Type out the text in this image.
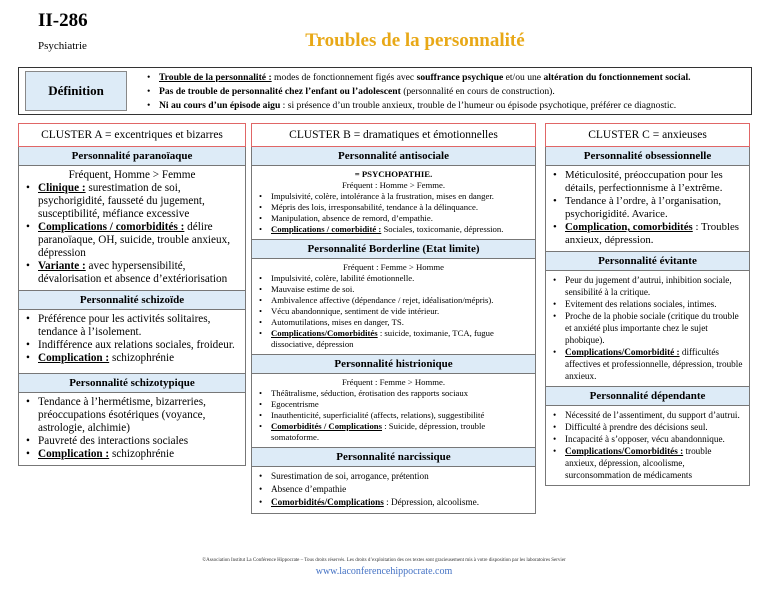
II-286
Psychiatrie	Troubles de la personnalité
Définition
• Trouble de la personnalité : modes de fonctionnement figés avec souffrance psychique et/ou une altération du fonctionnement social.
• Pas de trouble de personnalité chez l’enfant ou l’adolescent (personnalité en cours de construction).
• Ni au cours d’un épisode aigu : si présence d’un trouble anxieux, trouble de l’humeur ou épisode psychotique, préférer ce diagnostic.
CLUSTER A = excentriques et bizarres
Personnalité paranoïaque
Fréquent, Homme > Femme
• Clinique : surestimation de soi, psychorigidité, fausseté du jugement, susceptibilité, méfiance excessive
• Complications / comorbidités : délire paranoïaque, OH, suicide, trouble anxieux, dépression
• Variante : avec hypersensibilité, dévalorisation et absence d’extériorisation
Personnalité schizoïde
• Préférence pour les activités solitaires, tendance à l’isolement.
• Indifférence aux relations sociales, froideur.
• Complication : schizophrénie
Personnalité schizotypique
• Tendance à l’hermétisme, bizarreries, préoccupations ésotériques (voyance, astrologie, alchimie)
• Pauvreté des interactions sociales
• Complication : schizophrénie
CLUSTER B = dramatiques et émotionnelles
Personnalité antisociale
= PSYCHOPATHIE.
Fréquent : Homme > Femme.
• Impulsivité, colère, intolérance à la frustration, mises en danger.
• Mépris des lois, irresponsabilité, tendance à la délinquance.
• Manipulation, absence de remord, d’empathie.
• Complications / comorbidité : Sociales, toxicomanie, dépression.
Personnalité Borderline (Etat limite)
Fréquent : Femme > Homme
• Impulsivité, colère, labilité émotionnelle.
• Mauvaise estime de soi.
• Ambivalence affective (dépendance / rejet, idéalisation/mépris).
• Vécu abandonnique, sentiment de vide intérieur.
• Automutilations, mises en danger, TS.
• Complications/Comorbidités : suicide, toximanie, TCA, fugue dissociative, dépression
Personnalité histrionique
Fréquent : Femme > Homme.
• Théâtralisme, séduction, érotisation des rapports sociaux
• Egocentrisme
• Inauthenticité, superficialité (affects, relations), suggestibilité
• Comorbidités / Complications : Suicide, dépression, trouble somatoforme.
Personnalité narcissique
• Surestimation de soi, arrogance, prétention
• Absence d’empathie
• Comorbidités/Complications : Dépression, alcoolisme.
CLUSTER C = anxieuses
Personnalité obsessionnelle
• Méticulosité, préoccupation pour les détails, perfectionnisme à l’extrême.
• Tendance à l’ordre, à l’organisation, psychorigidité. Avarice.
• Complication, comorbidités : Troubles anxieux, dépression.
Personnalité évitante
• Peur du jugement d’autrui, inhibition sociale, sensibilité à la critique.
• Evitement des relations sociales, intimes.
• Proche de la phobie sociale (critique du trouble et anxiété plus importante chez le sujet phobique).
• Complications/Comorbidité : difficultés affectives et professionnelle, dépression, trouble anxieux.
Personnalité dépendante
• Nécessité de l’assentiment, du support d’autrui.
• Difficulté à prendre des décisions seul.
• Incapacité à s’opposer, vécu abandonnique.
• Complications/Comorbidités : trouble anxieux, dépression, alcoolisme, surconsommation de médicaments
©Association Institut La Conférence Hippocrate – Tous droits réservés. Les droits d’exploitation des ces textes sont gracieusement mis à votre disposition par les laboratoires Servier
www.laconferencehippocrate.com
